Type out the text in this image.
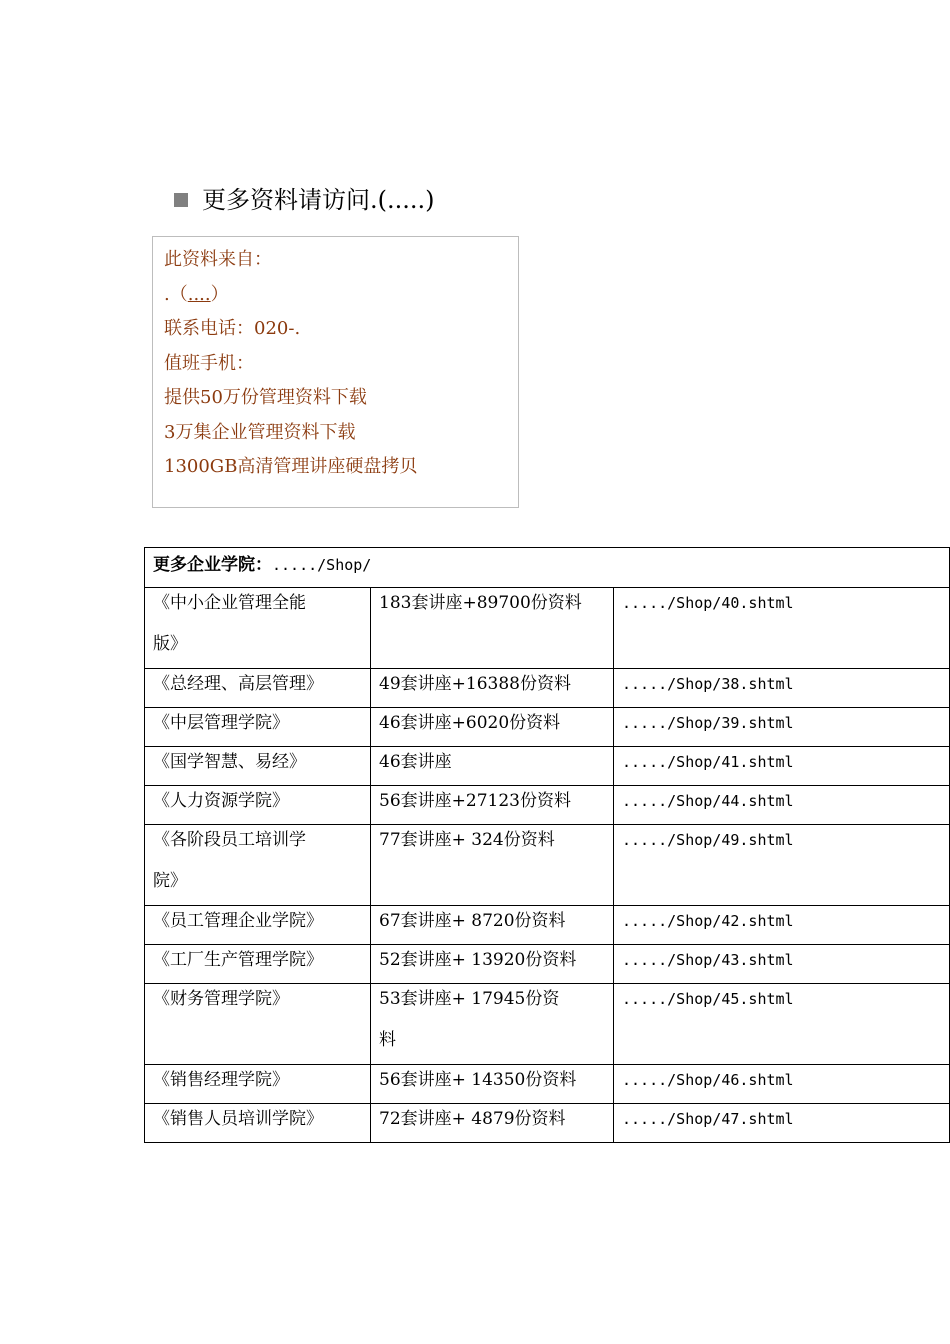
更多资料请访问.(.....)
此资料来自：
.（....）
联系电话：020-.
值班手机：
提供50万份管理资料下载
3万集企业管理资料下载
1300GB高清管理讲座硬盘拷贝
更多企业学院：...../Shop/		

《中小企业管理全能
版》	183套讲座+89700份资料	...../Shop/40.shtml

《总经理、高层管理》	49套讲座+16388份资料	...../Shop/38.shtml

《中层管理学院》	46套讲座+6020份资料	...../Shop/39.shtml

《国学智慧、易经》	46套讲座	...../Shop/41.shtml

《人力资源学院》	56套讲座+27123份资料	...../Shop/44.shtml

《各阶段员工培训学
院》	77套讲座+ 324份资料	...../Shop/49.shtml

《员工管理企业学院》	67套讲座+ 8720份资料	...../Shop/42.shtml

《工厂生产管理学院》	52套讲座+ 13920份资料	...../Shop/43.shtml

《财务管理学院》	53套讲座+ 17945份资
料	...../Shop/45.shtml

《销售经理学院》	56套讲座+ 14350份资料	...../Shop/46.shtml

《销售人员培训学院》	72套讲座+ 4879份资料	...../Shop/47.shtml
